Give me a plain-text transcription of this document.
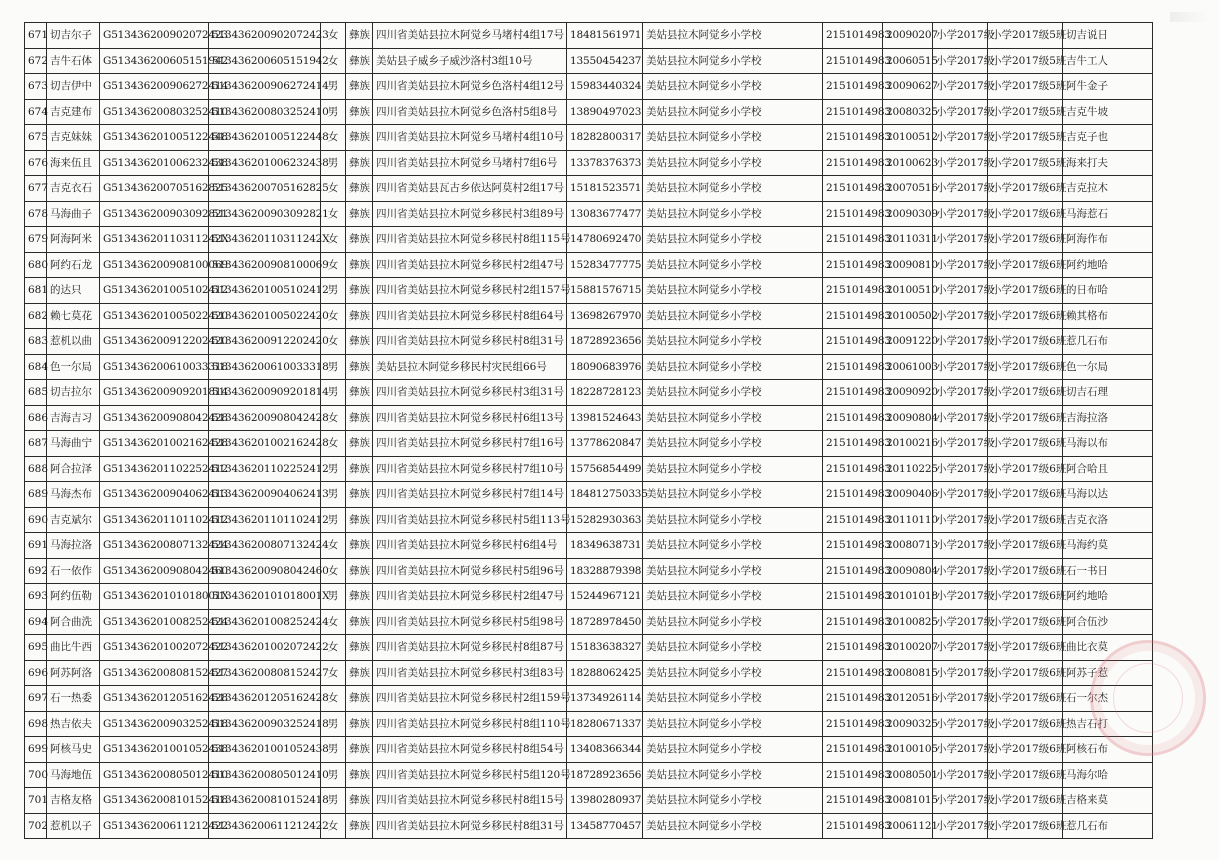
671	切吉尔子	G513436200902072423	513436200902072423	女	彝族	四川省美姑县拉木阿觉乡马堵村4组17号	18481561971	美姑县拉木阿觉乡小学校	2151014983	20090207	小学2017级	小学2017级5班	切吉说日
672	吉牛石体	G513436200605151942	513436200605151942	女	彝族	美姑县子威乡子威沙洛村3组10号	13550454237	美姑县拉木阿觉乡小学校	2151014983	20060515	小学2017级	小学2017级5班	吉牛工人
673	切吉伊中	G513436200906272414	513436200906272414	男	彝族	四川省美姑县拉木阿觉乡色洛村4组12号	15983440324	美姑县拉木阿觉乡小学校	2151014983	20090627	小学2017级	小学2017级5班	阿牛金子
674	吉克建布	G513436200803252410	513436200803252410	男	彝族	四川省美姑县拉木阿觉乡色洛村5组8号	13890497023	美姑县拉木阿觉乡小学校	2151014983	20080325	小学2017级	小学2017级5班	吉克牛坡
675	吉克妹妹	G513436201005122448	513436201005122448	女	彝族	四川省美姑县拉木阿觉乡马堵村4组10号	18282800317	美姑县拉木阿觉乡小学校	2151014983	20100512	小学2017级	小学2017级5班	吉克子也
676	海来伍且	G513436201006232438	513436201006232438	男	彝族	四川省美姑县拉木阿觉乡马堵村7组6号	13378376373	美姑县拉木阿觉乡小学校	2151014983	20100623	小学2017级	小学2017级5班	海来打夫
677	吉克衣石	G513436200705162825	513436200705162825	女	彝族	四川省美姑县瓦古乡依达阿莫村2组17号	15181523571	美姑县拉木阿觉乡小学校	2151014983	20070516	小学2017级	小学2017级6班	吉克拉木
678	马海曲子	G513436200903092821	513436200903092821	女	彝族	四川省美姑县拉木阿觉乡移民村3组89号	13083677477	美姑县拉木阿觉乡小学校	2151014983	20090309	小学2017级	小学2017级6班	马海惹石
679	阿海阿米	G51343620110311242X	51343620110311242X	女	彝族	四川省美姑县拉木阿觉乡移民村8组115号	14780692470	美姑县拉木阿觉乡小学校	2151014983	20110311	小学2017级	小学2017级6班	阿海作布
680	阿约石龙	G513436200908100069	513436200908100069	女	彝族	四川省美姑县拉木阿觉乡移民村2组47号	15283477775	美姑县拉木阿觉乡小学校	2151014983	20090810	小学2017级	小学2017级6班	阿约地哈
681	的达只	G513436201005102412	513436201005102412	男	彝族	四川省美姑县拉木阿觉乡移民村2组157号	15881576715	美姑县拉木阿觉乡小学校	2151014983	20100510	小学2017级	小学2017级6班	的日布哈
682	赖七莫花	G513436201005022420	513436201005022420	女	彝族	四川省美姑县拉木阿觉乡移民村8组64号	13698267970	美姑县拉木阿觉乡小学校	2151014983	20100502	小学2017级	小学2017级6班	赖其格布
683	惹机以曲	G513436200912202420	513436200912202420	女	彝族	四川省美姑县拉木阿觉乡移民村8组31号	18728923656	美姑县拉木阿觉乡小学校	2151014983	20091220	小学2017级	小学2017级6班	惹几石布
684	色一尔局	G513436200610033318	513436200610033318	男	彝族	美姑县拉木阿觉乡移民村灾民组66号	18090683976	美姑县拉木阿觉乡小学校	2151014983	20061003	小学2017级	小学2017级6班	色一尔局
685	切吉拉尔	G513436200909201814	513436200909201814	男	彝族	四川省美姑县拉木阿觉乡移民村3组31号	18228728123	美姑县拉木阿觉乡小学校	2151014983	20090920	小学2017级	小学2017级6班	切吉石理
686	吉海吉习	G513436200908042428	513436200908042428	女	彝族	四川省美姑县拉木阿觉乡移民村6组13号	13981524643	美姑县拉木阿觉乡小学校	2151014983	20090804	小学2017级	小学2017级6班	吉海拉洛
687	马海曲宁	G513436201002162428	513436201002162428	女	彝族	四川省美姑县拉木阿觉乡移民村7组16号	13778620847	美姑县拉木阿觉乡小学校	2151014983	20100216	小学2017级	小学2017级6班	马海以布
688	阿合拉泽	G513436201102252412	513436201102252412	男	彝族	四川省美姑县拉木阿觉乡移民村7组10号	15756854499	美姑县拉木阿觉乡小学校	2151014983	20110225	小学2017级	小学2017级6班	阿合哈且
689	马海杰布	G513436200904062413	513436200904062413	男	彝族	四川省美姑县拉木阿觉乡移民村7组14号	184812750335	美姑县拉木阿觉乡小学校	2151014983	20090406	小学2017级	小学2017级6班	马海以达
690	吉克斌尔	G513436201101102412	513436201101102412	男	彝族	四川省美姑县拉木阿觉乡移民村5组113号	15282930363	美姑县拉木阿觉乡小学校	2151014983	20110110	小学2017级	小学2017级6班	吉克衣洛
691	马海拉洛	G513436200807132424	513436200807132424	女	彝族	四川省美姑县拉木阿觉乡移民村6组4号	18349638731	美姑县拉木阿觉乡小学校	2151014983	20080713	小学2017级	小学2017级6班	马海约莫
692	石一依作	G513436200908042460	513436200908042460	女	彝族	四川省美姑县拉木阿觉乡移民村5组96号	18328879398	美姑县拉木阿觉乡小学校	2151014983	20090804	小学2017级	小学2017级6班	石一书日
693	阿约伍勒	G51343620101018001X	51343620101018001X	男	彝族	四川省美姑县拉木阿觉乡移民村2组47号	15244967121	美姑县拉木阿觉乡小学校	2151014983	20101018	小学2017级	小学2017级6班	阿约地哈
694	阿合曲洗	G513436201008252424	513436201008252424	女	彝族	四川省美姑县拉木阿觉乡移民村5组98号	18728978450	美姑县拉木阿觉乡小学校	2151014983	20100825	小学2017级	小学2017级6班	阿合伍沙
695	曲比牛西	G513436201002072422	513436201002072422	女	彝族	四川省美姑县拉木阿觉乡移民村8组87号	15183638327	美姑县拉木阿觉乡小学校	2151014983	20100207	小学2017级	小学2017级6班	曲比衣莫
696	阿苏阿洛	G513436200808152427	513436200808152427	女	彝族	四川省美姑县拉木阿觉乡移民村3组83号	18288062425	美姑县拉木阿觉乡小学校	2151014983	20080815	小学2017级	小学2017级6班	阿苏子惹
697	石一热委	G513436201205162428	513436201205162428	女	彝族	四川省美姑县拉木阿觉乡移民村2组159号	13734926114	美姑县拉木阿觉乡小学校	2151014983	20120516	小学2017级	小学2017级6班	石一尔杰
698	热吉依夫	G513436200903252418	513436200903252418	男	彝族	四川省美姑县拉木阿觉乡移民村8组110号	18280671337	美姑县拉木阿觉乡小学校	2151014983	20090325	小学2017级	小学2017级6班	热吉石打
699	阿核马史	G513436201001052438	513436201001052438	男	彝族	四川省美姑县拉木阿觉乡移民村8组54号	13408366344	美姑县拉木阿觉乡小学校	2151014983	20100105	小学2017级	小学2017级6班	阿核石布
700	马海地伍	G513436200805012410	513436200805012410	男	彝族	四川省美姑县拉木阿觉乡移民村5组120号	18728923656	美姑县拉木阿觉乡小学校	2151014983	20080501	小学2017级	小学2017级6班	马海尔哈
701	吉格友格	G513436200810152418	513436200810152418	男	彝族	四川省美姑县拉木阿觉乡移民村8组15号	13980280937	美姑县拉木阿觉乡小学校	2151014983	20081015	小学2017级	小学2017级6班	吉格来莫
702	惹机以子	G513436200611212422	513436200611212422	女	彝族	四川省美姑县拉木阿觉乡移民村8组31号	13458770457	美姑县拉木阿觉乡小学校	2151014983	20061121	小学2017级	小学2017级6班	惹几石布
